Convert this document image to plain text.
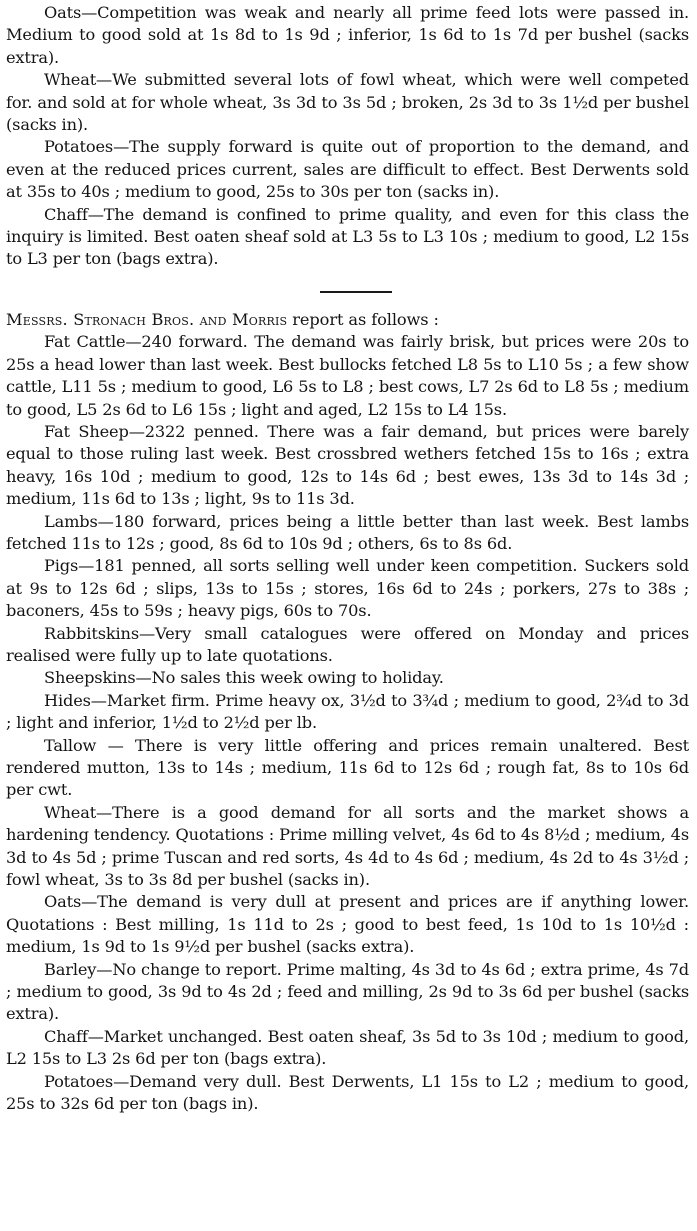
Oats—Competition was weak and nearly all prime feed lots were passed in. Medium to good sold at 1s 8d to 1s 9d ; inferior, 1s 6d to 1s 7d per bushel (sacks extra).

Wheat—We submitted several lots of fowl wheat, which were well competed for. and sold at for whole wheat, 3s 3d to 3s 5d ; broken, 2s 3d to 3s 1½d per bushel (sacks in).

Potatoes—The supply forward is quite out of proportion to the demand, and even at the reduced prices current, sales are difficult to effect. Best Derwents sold at 35s to 40s ; medium to good, 25s to 30s per ton (sacks in).

Chaff—The demand is confined to prime quality, and even for this class the inquiry is limited. Best oaten sheaf sold at L3 5s to L3 10s ; medium to good, L2 15s to L3 per ton (bags extra).

Messrs. Stronach Bros. and Morris report as follows :

Fat Cattle—240 forward. The demand was fairly brisk, but prices were 20s to 25s a head lower than last week. Best bullocks fetched L8 5s to L10 5s ; a few show cattle, L11 5s ; medium to good, L6 5s to L8 ; best cows, L7 2s 6d to L8 5s ; medium to good, L5 2s 6d to L6 15s ; light and aged, L2 15s to L4 15s.

Fat Sheep—2322 penned. There was a fair demand, but prices were barely equal to those ruling last week. Best crossbred wethers fetched 15s to 16s ; extra heavy, 16s 10d ; medium to good, 12s to 14s 6d ; best ewes, 13s 3d to 14s 3d ; medium, 11s 6d to 13s ; light, 9s to 11s 3d.

Lambs—180 forward, prices being a little better than last week. Best lambs fetched 11s to 12s ; good, 8s 6d to 10s 9d ; others, 6s to 8s 6d.

Pigs—181 penned, all sorts selling well under keen competition. Suckers sold at 9s to 12s 6d ; slips, 13s to 15s ; stores, 16s 6d to 24s ; porkers, 27s to 38s ; baconers, 45s to 59s ; heavy pigs, 60s to 70s.

Rabbitskins—Very small catalogues were offered on Monday and prices realised were fully up to late quotations.

Sheepskins—No sales this week owing to holiday.

Hides—Market firm. Prime heavy ox, 3½d to 3¾d ; medium to good, 2¾d to 3d ; light and inferior, 1½d to 2½d per lb.

Tallow — There is very little offering and prices remain unaltered. Best rendered mutton, 13s to 14s ; medium, 11s 6d to 12s 6d ; rough fat, 8s to 10s 6d per cwt.

Wheat—There is a good demand for all sorts and the market shows a hardening tendency. Quotations : Prime milling velvet, 4s 6d to 4s 8½d ; medium, 4s 3d to 4s 5d ; prime Tuscan and red sorts, 4s 4d to 4s 6d ; medium, 4s 2d to 4s 3½d ; fowl wheat, 3s to 3s 8d per bushel (sacks in).

Oats—The demand is very dull at present and prices are if anything lower. Quotations : Best milling, 1s 11d to 2s ; good to best feed, 1s 10d to 1s 10½d : medium, 1s 9d to 1s 9½d per bushel (sacks extra).

Barley—No change to report. Prime malting, 4s 3d to 4s 6d ; extra prime, 4s 7d ; medium to good, 3s 9d to 4s 2d ; feed and milling, 2s 9d to 3s 6d per bushel (sacks extra).

Chaff—Market unchanged. Best oaten sheaf, 3s 5d to 3s 10d ; medium to good, L2 15s to L3 2s 6d per ton (bags extra).

Potatoes—Demand very dull. Best Derwents, L1 15s to L2 ; medium to good, 25s to 32s 6d per ton (bags in).
